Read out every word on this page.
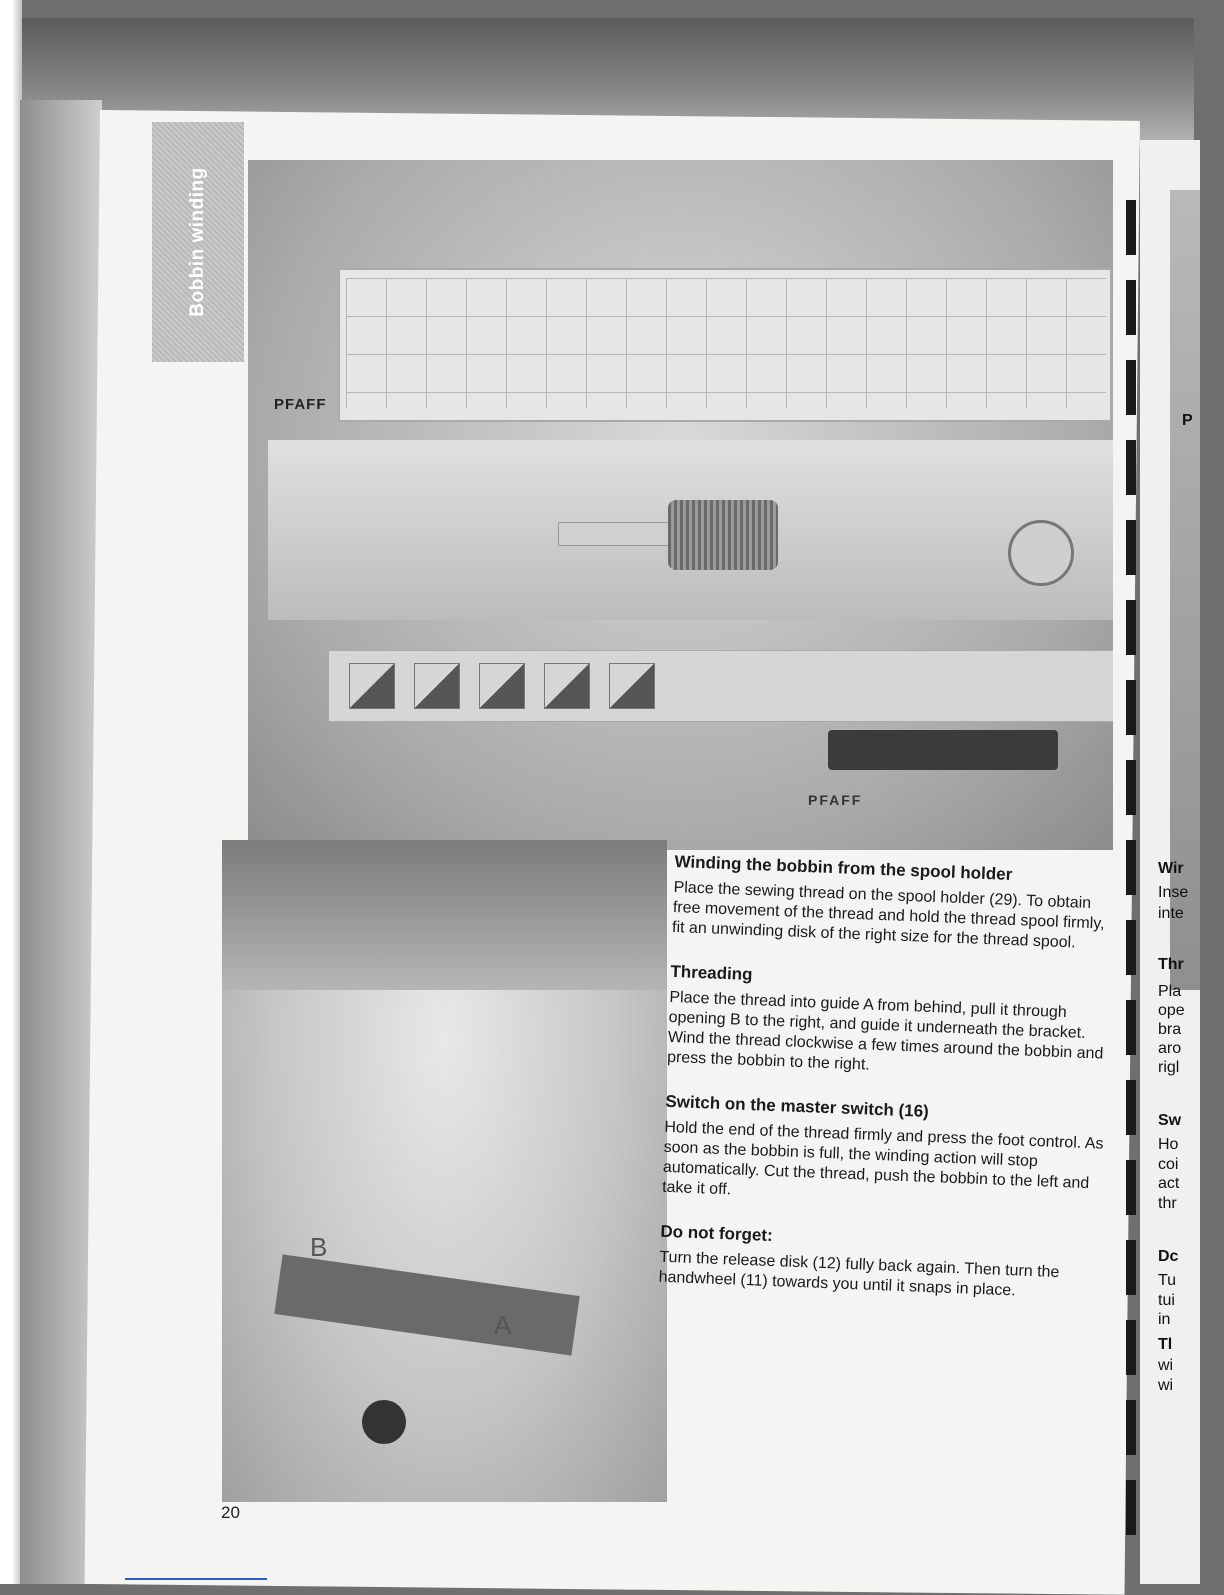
Bobbin winding
PFAFF
PFAFF
B
A

Winding the bobbin from the spool holder

Place the sewing thread on the spool holder (29). To obtain free movement of the thread and hold the thread spool firmly, fit an unwinding disk of the right size for the thread spool.

Threading

Place the thread into guide A from behind, pull it through opening B to the right, and guide it underneath the bracket. Wind the thread clockwise a few times around the bobbin and press the bobbin to the right.

Switch on the master switch (16)

Hold the end of the thread firmly and press the foot control. As soon as the bobbin is full, the winding action will stop automatically. Cut the thread, push the bobbin to the left and take it off.

Do not forget:

Turn the release disk (12) fully back again. Then turn the handwheel (11) towards you until it snaps in place.

20
P
Wir
Inse
inte
Thr
Pla
ope
bra
aro
rigl
Sw
Ho
coi
act
thr
Dc
Tu
tui
in
Tl
wi
wi
